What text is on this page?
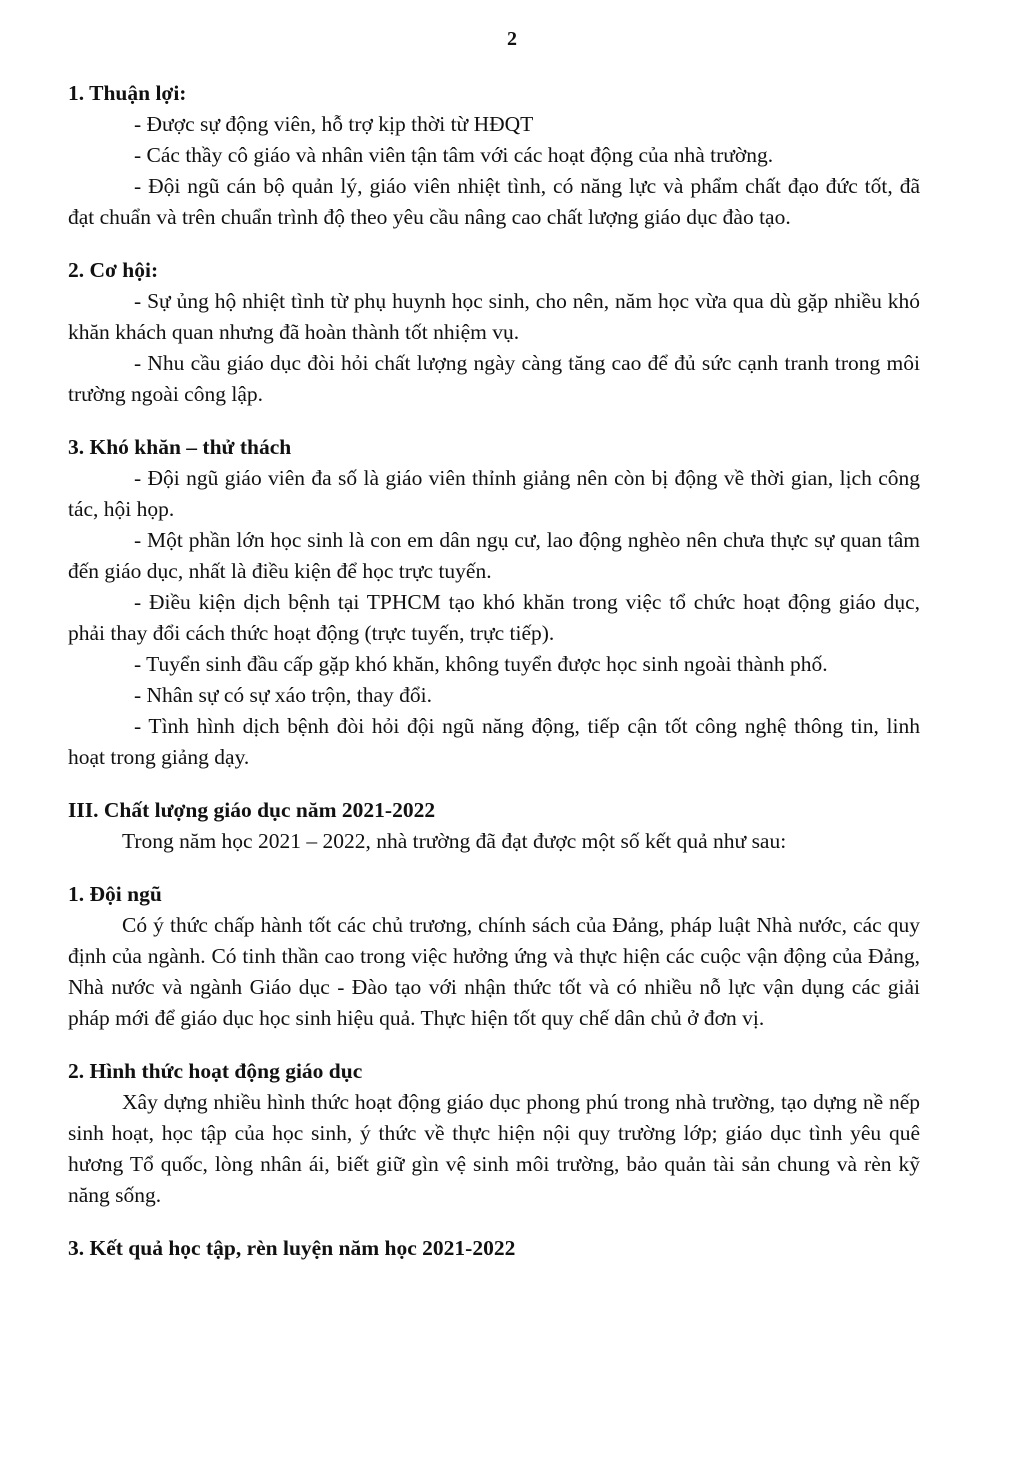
2

1. Thuận lợi:

- Được sự động viên, hỗ trợ kịp thời từ HĐQT

- Các thầy cô giáo và nhân viên tận tâm với các hoạt động của nhà trường.

- Đội ngũ cán bộ quản lý, giáo viên nhiệt tình, có năng lực và phẩm chất đạo đức tốt, đã đạt chuẩn và trên chuẩn trình độ theo yêu cầu nâng cao chất lượng giáo dục đào tạo.

2. Cơ hội:

- Sự ủng hộ nhiệt tình từ phụ huynh học sinh, cho nên, năm học vừa qua dù gặp nhiều khó khăn khách quan nhưng đã hoàn thành tốt nhiệm vụ.

- Nhu cầu giáo dục đòi hỏi chất lượng ngày càng tăng cao để đủ sức cạnh tranh trong môi trường ngoài công lập.

3. Khó khăn – thử thách

- Đội ngũ giáo viên đa số là giáo viên thỉnh giảng nên còn bị động về thời gian, lịch công tác, hội họp.

- Một phần lớn học sinh là con em dân ngụ cư, lao động nghèo nên chưa thực sự quan tâm đến giáo dục, nhất là điều kiện để học trực tuyến.

- Điều kiện dịch bệnh tại TPHCM tạo khó khăn trong việc tổ chức hoạt động giáo dục, phải thay đổi cách thức hoạt động (trực tuyến, trực tiếp).

- Tuyển sinh đầu cấp gặp khó khăn, không tuyển được học sinh ngoài thành phố.

- Nhân sự có sự xáo trộn, thay đổi.

- Tình hình dịch bệnh đòi hỏi đội ngũ năng động, tiếp cận tốt công nghệ thông tin, linh hoạt trong giảng dạy.

III. Chất lượng giáo dục năm 2021-2022

Trong năm học 2021 – 2022, nhà trường đã đạt được một số kết quả như sau:

1. Đội ngũ

Có ý thức chấp hành tốt các chủ trương, chính sách của Đảng, pháp luật Nhà nước, các quy định của ngành. Có tinh thần cao trong việc hưởng ứng và thực hiện các cuộc vận động của Đảng, Nhà nước và ngành Giáo dục - Đào tạo với nhận thức tốt và có nhiều nỗ lực vận dụng các giải pháp mới để giáo dục học sinh hiệu quả. Thực hiện tốt quy chế dân chủ ở đơn vị.

2. Hình thức hoạt động giáo dục

Xây dựng nhiều hình thức hoạt động giáo dục phong phú trong nhà trường, tạo dựng nề nếp sinh hoạt, học tập của học sinh, ý thức về thực hiện nội quy trường lớp; giáo dục tình yêu quê hương Tổ quốc, lòng nhân ái, biết giữ gìn vệ sinh môi trường, bảo quản tài sản chung và rèn kỹ năng sống.

3. Kết quả học tập, rèn luyện năm học 2021-2022
